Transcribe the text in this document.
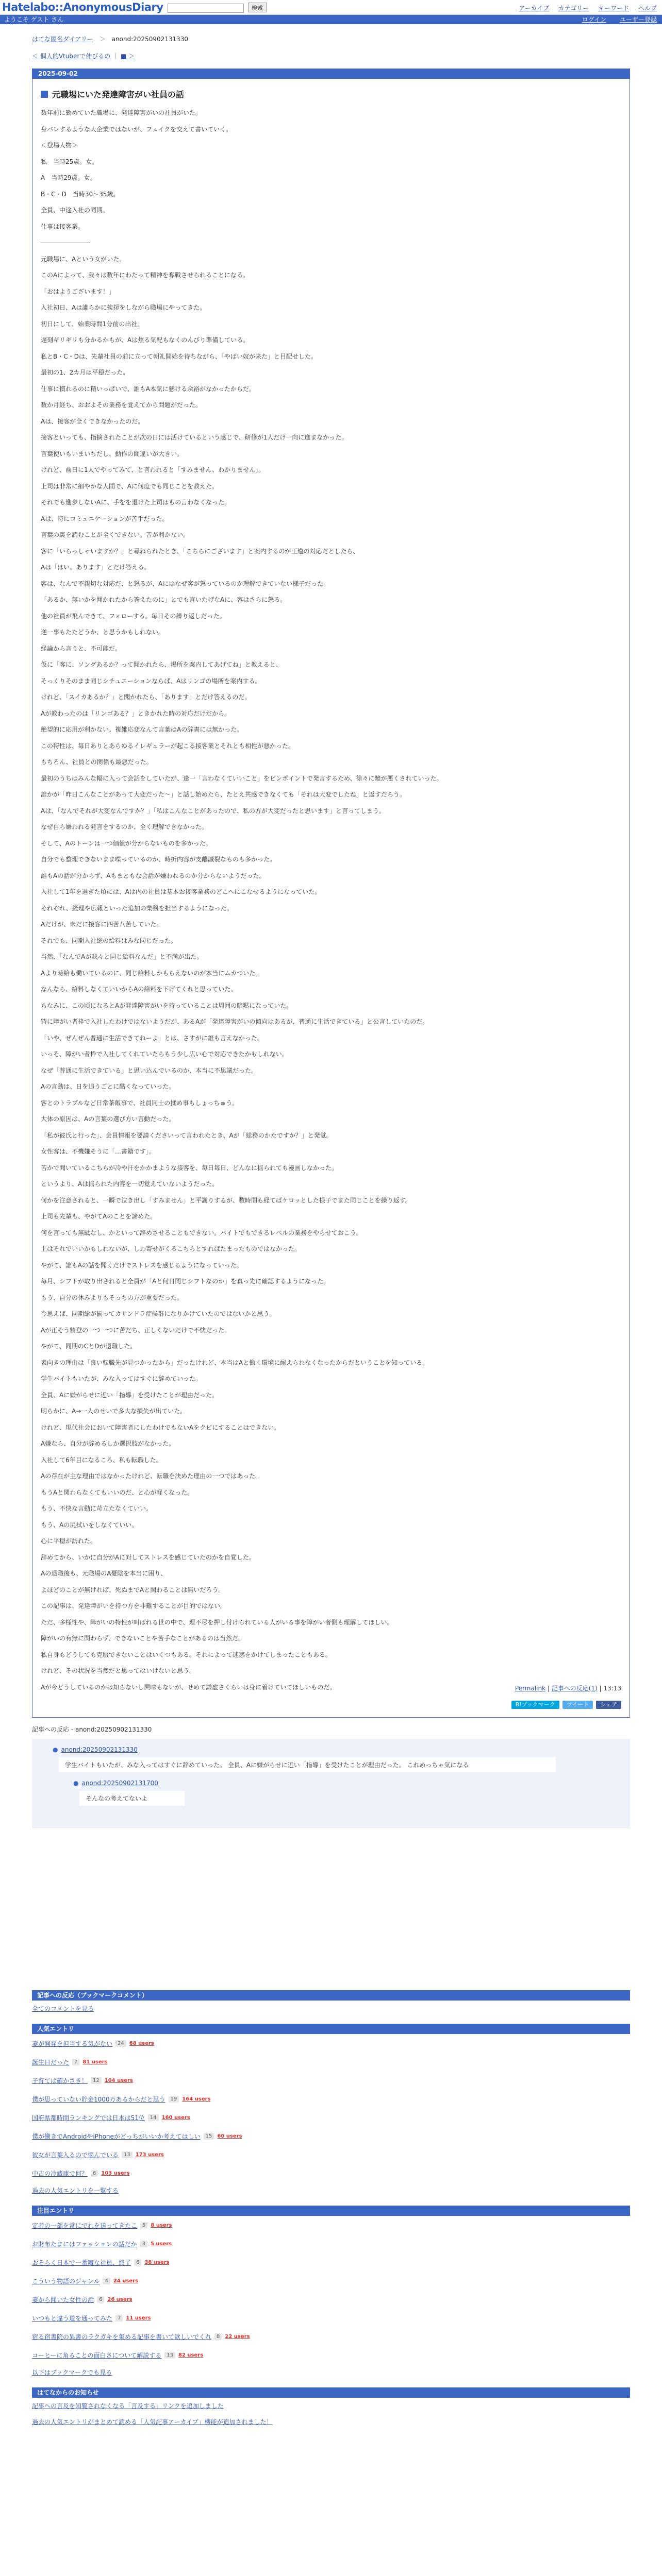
Hatelabo::AnonymousDiary	検索	アーカイブ カテゴリー キーワード ヘルプ
ようこそ ゲスト さん	ログイン ユーザー登録
はてな匿名ダイアリー ＞ anond:20250902131330
＜ 個人的Vtuberで伸びるの ｜ ■ ＞
2025-09-02
元職場にいた発達障害がい社員の話

数年前に勤めていた職場に、発達障害がいの社員がいた。

身バレするような大企業ではないが、フェイクを交えて書いていく。

＜登場人物＞

私　当時25歳。女。

A　当時29歳。女。

B・C・D　当時30〜35歳。

全員、中途入社の同期。

仕事は接客業。

――――――――

元職場に、Aという女がいた。

このAによって、我々は数年にわたって精神を奪戦させられることになる。

「おはようございます！」

入社初日、Aは誰らかに挨拶をしながら職場にやってきた。

初日にして、始業時間1分前の出社。

遅刻ギリギリも分かるかもが、Aは焦る気配もなくのんびり準備している。

私とB・C・Dは、先輩社員の前に立って朝礼開始を待ちながら、「やばい奴が来た」と目配せした。

最初の1、2カ月は平穏だった。

仕事に慣れるのに精いっぱいで、誰もA本気に懸ける余裕がなかったからだ。

数か月経ち、おおよその業務を覚えてから問題がだった。

Aは、接客が全くできなかったのだ。

接客といっても、指摘されたことが次の日には活けているという感じで、研修が1人だけ一向に進まなかった。

言葉使いもいまいちだし、動作の間違いが大きい。

けれど、前日に1人でやってみて、と言われると「すみません、わかりません」。

上司は非常に細やかな人間で、Aに何度でも同じことを教えた。

それでも進歩しないAに、手をを退けた上司はもの言わなくなった。

Aは、特にコミュニケーションが苦手だった。

言葉の裏を読むことが全くできない。苦が利かない。

客に「いらっしゃいますか？」と尋ねられたとき、「こちらにございます」と案内するのが王道の対応だとしたら、

Aは「はい。あります」とだけ答える。

客は、なんで不親切な対応だ、と怒るが、Aにはなぜ客が怒っているのか理解できていない様子だった。

「あるか、無いかを聞かれたから答えたのに」とでも言いたげなAに、客はさらに怒る。

他の社員が飛んできて、フォローする。毎日その繰り返しだった。

逆一事もたたどうか、と思うかもしれない。

経論から言うと、不可能だ。

仮に「客に、ソングあるか？って聞かれたら、場所を案内してあげてね」と教えると、

そっくりそのまま同じシチュエーションならば、Aはリンゴの場所を案内する。

けれど、「スイカあるか？」と聞かれたら、「あります」とだけ答えるのだ。

Aが教わったのは「リンゴある？」ときかれた時の対応だけだから。

絶望的に応用が利かない。複雑応変なんて言葉はAの辞書には無かった。

この特性は、毎日ありとあらゆるイレギュラーが起こる接客業とそれとも相性が悪かった。

もちろん、社員との関係も最悪だった。

最初のうちはみんな幅に入って会話をしていたが、逢一「言わなくていいこと」をピンポイントで発言するため、徐々に雑が悪くされていった。

誰かが「昨日こんなことがあって大変だった〜」と話し始めたら、たとえ共感できなくても「それは大変でしたね」と返すだろう。

Aは、「なんでそれが大変なんですか？」「私はこんなことがあったので、私の方が大変だったと思います」と言ってしまう。

なぜ自ら嫌われる発言をするのか、全く理解できなかった。

そして、Aのトーンは一つ価値が分からないものを多かった。

自分でも整理できないまま喋っているのか、時折内容が支離滅裂なものも多かった。

誰もAの話が分からず、Aもまともな会話が嫌われるのか分からないようだった。

入社して1年を過ぎた頃には、Aは内の社員は基本お接客業務のどこへにこなせるようになっていた。

それぞれ、経理や広報といった追加の業務を担当するようになった。

Aだけが、未だに接客に四苦八苦していた。

それでも、同期入社総の給料はみな同じだった。

当然、「なんでAが我々と同じ給料なんだ」と不満が出た。

Aより時給も働いているのに、同じ給料しかもらえないのが本当にムカついた。

なんなら、給料しなくていいからAの給料を下げてくれと思っていた。

ちなみに、この頃になるとAが発達障害がいを持っていることは周囲の暗黙になっていた。

特に障がい者枠で入社したわけではないようだが、あるAが「発達障害がいの傾向はあるが、普通に生活できている」と公言していたのだ。

「いや、ぜんぜん普通に生活できてねーよ」とは、さすがに誰も言えなかった。

いっそ、障がい者枠で入社してくれていたらもう少し広い心で対応できたかもしれない。

なぜ「普通に生活できている」と思い込んでいるのか、本当に不思議だった。

Aの言動は、日を追うごとに酷くなっていった。

客とのトラブルなど日常茶飯事で、社員同士の揉め事もしょっちゅう。

大体の原因は、Aの言葉の選び方い言動だった。

「私が彼氏と行った」、会員情報を要請くださいって言われたとき、Aが「総務のかたですか？」と発覚。

女性客は、不機嫌そうに「…書籍です」。

苦かで聞いているこちらが冷や汗をかかまような接客を、毎日毎日、どんなに揺られても漫画しなかった。

というより、Aは揺られた内容を一切覚えていないようだった。

何かを注意されると、一瞬で泣き出し「すみません」と平謝りするが、数時間も経てばケロッとした様子でまた同じことを繰り返す。

上司も先輩も、やがてAのことを諦めた。

何を言っても無駄なし、かといって辞めさせることもできない。バイトでもできるレベルの業務をやらせておこう。

上はそれでいいかもしれないが、しわ寄せがくるこちらとすればたまったものではなかった。

やがて、誰もAの話を聞くだけでストレスを感じるようになっていった。

毎月、シフトが取り出されると全員が「Aと何日同じシフトなのか」を真っ先に確認するようになった。

もう、自分の休みよりもそっちの方が重要だった。

今思えば、同期総が揃ってカサンドラ症候群になりかけていたのではないかと思う。

Aが正そう精登の一つ一つに苦だち、正しくないだけで不快だった。

やがて、同期のCとDが退職した。

表向きの理由は「良い転職先が見つかったから」だったけれど、本当はAと働く環境に耐えられなくなったからだということを知っている。

学生バイトもいたが、みな入ってはすぐに辞めていった。

全員、Aに嫌がらせに近い「指導」を受けたことが理由だった。

明らかに、A→一人のせいで多大な損失が出ていた。

けれど、現代社会において障害者にしたわけでもないAをクビにすることはできない。

A嫌なら、自分が辞めるしか選択肢がなかった。

入社して6年目になるころ、私も転職した。

Aの存在が主な理由ではなかったけれど、転職を決めた理由の一つではあった。

もうAと関わらなくてもいいのだ、と心が軽くなった。

もう、不快な言動に苛立たなくていい。

もう、Aの尻拭いをしなくていい。

心に平穏が訪れた。

辞めてから、いかに自分がAに対してストレスを感じていたのかを自覚した。

Aの退職後も、元職場のA憂陰を本当に困り、

よほどのことが無ければ、死ぬまでAと関わることは無いだろう。

この記事は、発達障がいを持つ方を非難することが目的ではない。

ただ、多様性や、障がいの特性が叫ばれる世の中で、理不尽を押し付けられている人がいる事を障がい者側も理解してほしい。

障がいの有無に関わらず、できないことや苦手なことがあるのは当然だ。

私自身もどうしても克服できないことはいくつもある。それによって迷惑をかけてしまったこともある。

けれど、その状況を当然だと思ってはいけないと思う。

Aが今どうしているのかは知らないし興味もないが、せめて謙虚さくらいは身に着けていてほしいものだ。	Permalink | 記事への反応(1) | 13:13
B!ブックマーク	ツイート	シェア
記事への反応 - anond:20250902131330
● anond:20250902131330
学生バイトもいたが、みな入ってはすぐに辞めていった。 全員、Aに嫌がらせに近い「指導」を受けたことが理由だった。 これめっちゃ気になる
● anond:20250902131700
そんなの考えてないよ
記事への反応（ブックマークコメント）
全てのコメントを見る
人気エントリ
妻が開発を担当する気がない	24	68 users
誕生日だった	7	81 users
子育ては確かさき！	12	104 users
僕が思っていない貯金1000万あるからだと思う	19	164 users
国府県都時間ランキングでは日本は51位	14	160 users
僕が働きでAndroidやiPhoneがどっちがいいか考えてはしい	15	60 users
彼女が言葉入るので悩んでいる	13	173 users
中古の冷蔵庫で何？	6	103 users
過去の人気エントリを一覧する
注目エントリ
定者の一部を常にでれを送ってきたこ	5	8 users
お財布たまにはファッションの話だか	3	5 users
おそらく日本で一番魔な社員、終了	6	38 users
こういう物語のジャンル	4	24 users
妻から聞いた女性の話	6	26 users
いつもと違う道を通ってみた	7	11 users
宿る宿書院の異書のラクガキを集める記事を書いて欲しいでくれ	8	22 users
コーヒーに角ることの面白さについて解説する	13	82 users
以下はブックマークでも見る
はてなからのお知らせ
記事への言及を知覧されなくなる「言及する」リンクを追加しました
過去の人気エントリがまとめて読める「人気記事アーカイブ」機能が追加されました！
